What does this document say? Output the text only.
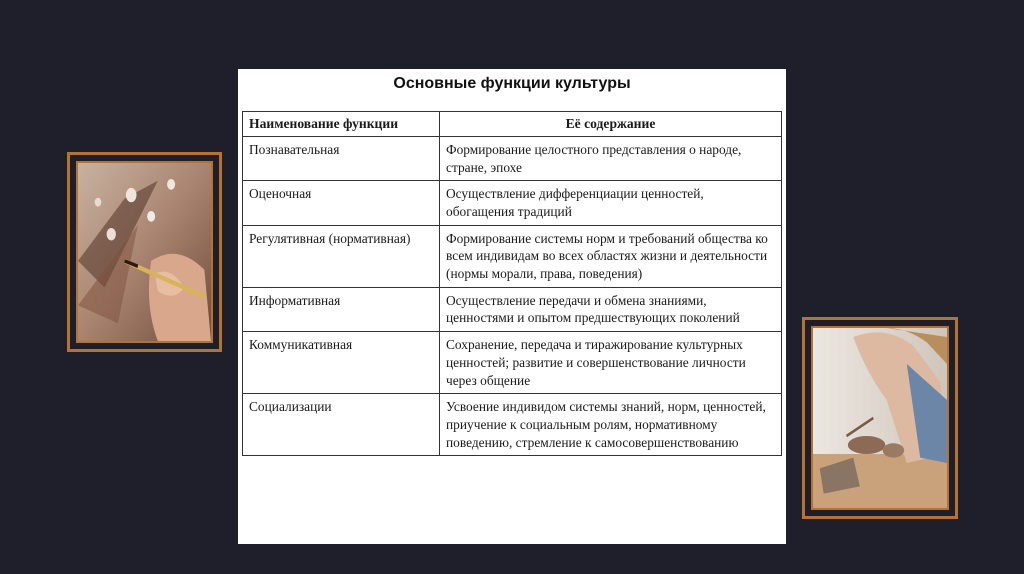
Основные функции культуры
Наименование функции	Её содержание
Познавательная	Формирование целостного представления о народе, стране, эпохе
Оценочная	Осуществление дифференциации ценностей, обогащения традиций
Регулятивная (нормативная)	Формирование системы норм и требований общества ко всем индивидам во всех областях жизни и деятельности (нормы морали, права, поведения)
Информативная	Осуществление передачи и обмена знаниями, ценностями и опытом предшествующих поколений
Коммуникативная	Сохранение, передача и тиражирование культурных ценностей; развитие и совершенствование личности через общение
Социализации	Усвоение индивидом системы знаний, норм, ценностей, приучение к социальным ролям, нормативному поведению, стремление к самосовершенствованию
